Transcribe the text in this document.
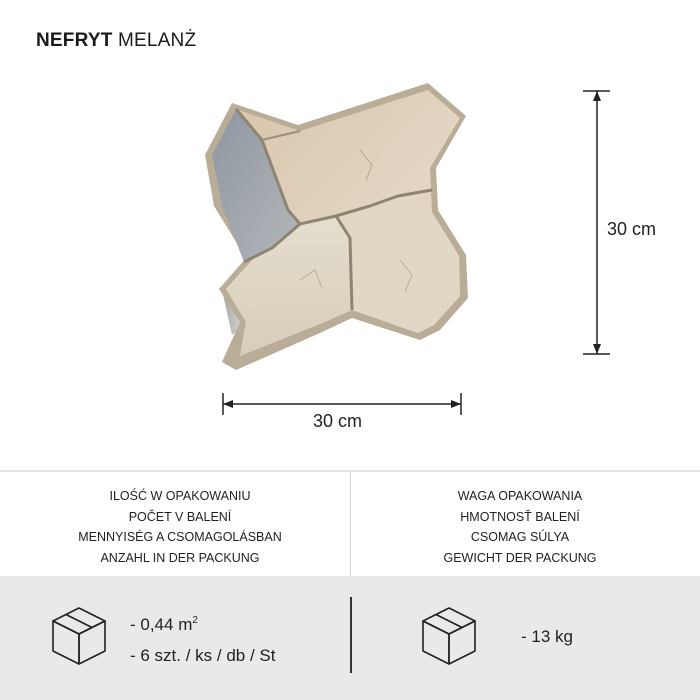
NEFRYT MELANŻ
30 cm
30 cm
ILOŚĆ W OPAKOWANIU
POČET V BALENÍ
MENNYISÉG A CSOMAGOLÁSBAN
ANZAHL IN DER PACKUNG
WAGA OPAKOWANIA
HMOTNOSŤ BALENÍ
CSOMAG SÚLYA
GEWICHT DER PACKUNG
- 0,44 $m^2$
- 6 szt. / ks / db / St
- 13 kg
